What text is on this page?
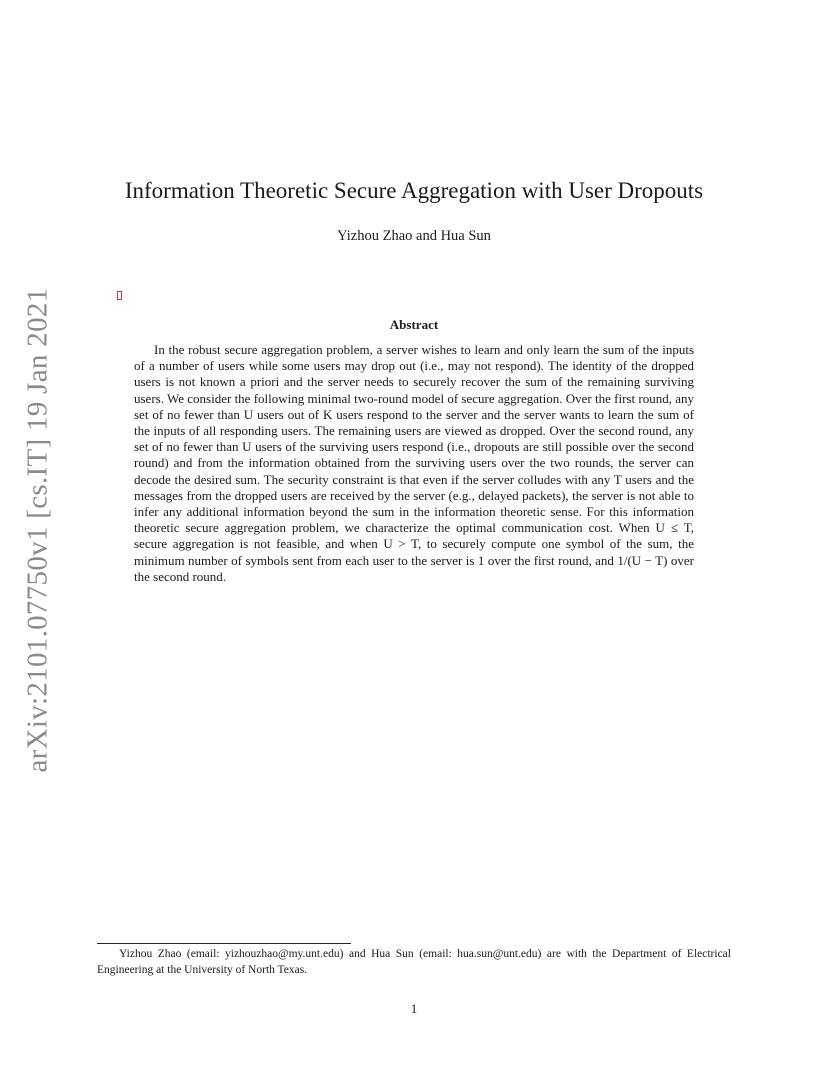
arXiv:2101.07750v1 [cs.IT] 19 Jan 2021
Information Theoretic Secure Aggregation with User Dropouts
Yizhou Zhao and Hua Sun
Abstract

In the robust secure aggregation problem, a server wishes to learn and only learn the sum of the inputs of a number of users while some users may drop out (i.e., may not respond). The identity of the dropped users is not known a priori and the server needs to securely recover the sum of the remaining surviving users. We consider the following minimal two-round model of secure aggregation. Over the first round, any set of no fewer than U users out of K users respond to the server and the server wants to learn the sum of the inputs of all responding users. The remaining users are viewed as dropped. Over the second round, any set of no fewer than U users of the surviving users respond (i.e., dropouts are still possible over the second round) and from the information obtained from the surviving users over the two rounds, the server can decode the desired sum. The security constraint is that even if the server colludes with any T users and the messages from the dropped users are received by the server (e.g., delayed packets), the server is not able to infer any additional information beyond the sum in the information theoretic sense. For this information theoretic secure aggregation problem, we characterize the optimal communication cost. When U ≤ T, secure aggregation is not feasible, and when U > T, to securely compute one symbol of the sum, the minimum number of symbols sent from each user to the server is 1 over the first round, and 1/(U − T) over the second round.

Yizhou Zhao (email: yizhouzhao@my.unt.edu) and Hua Sun (email: hua.sun@unt.edu) are with the Department of Electrical Engineering at the University of North Texas.

1
